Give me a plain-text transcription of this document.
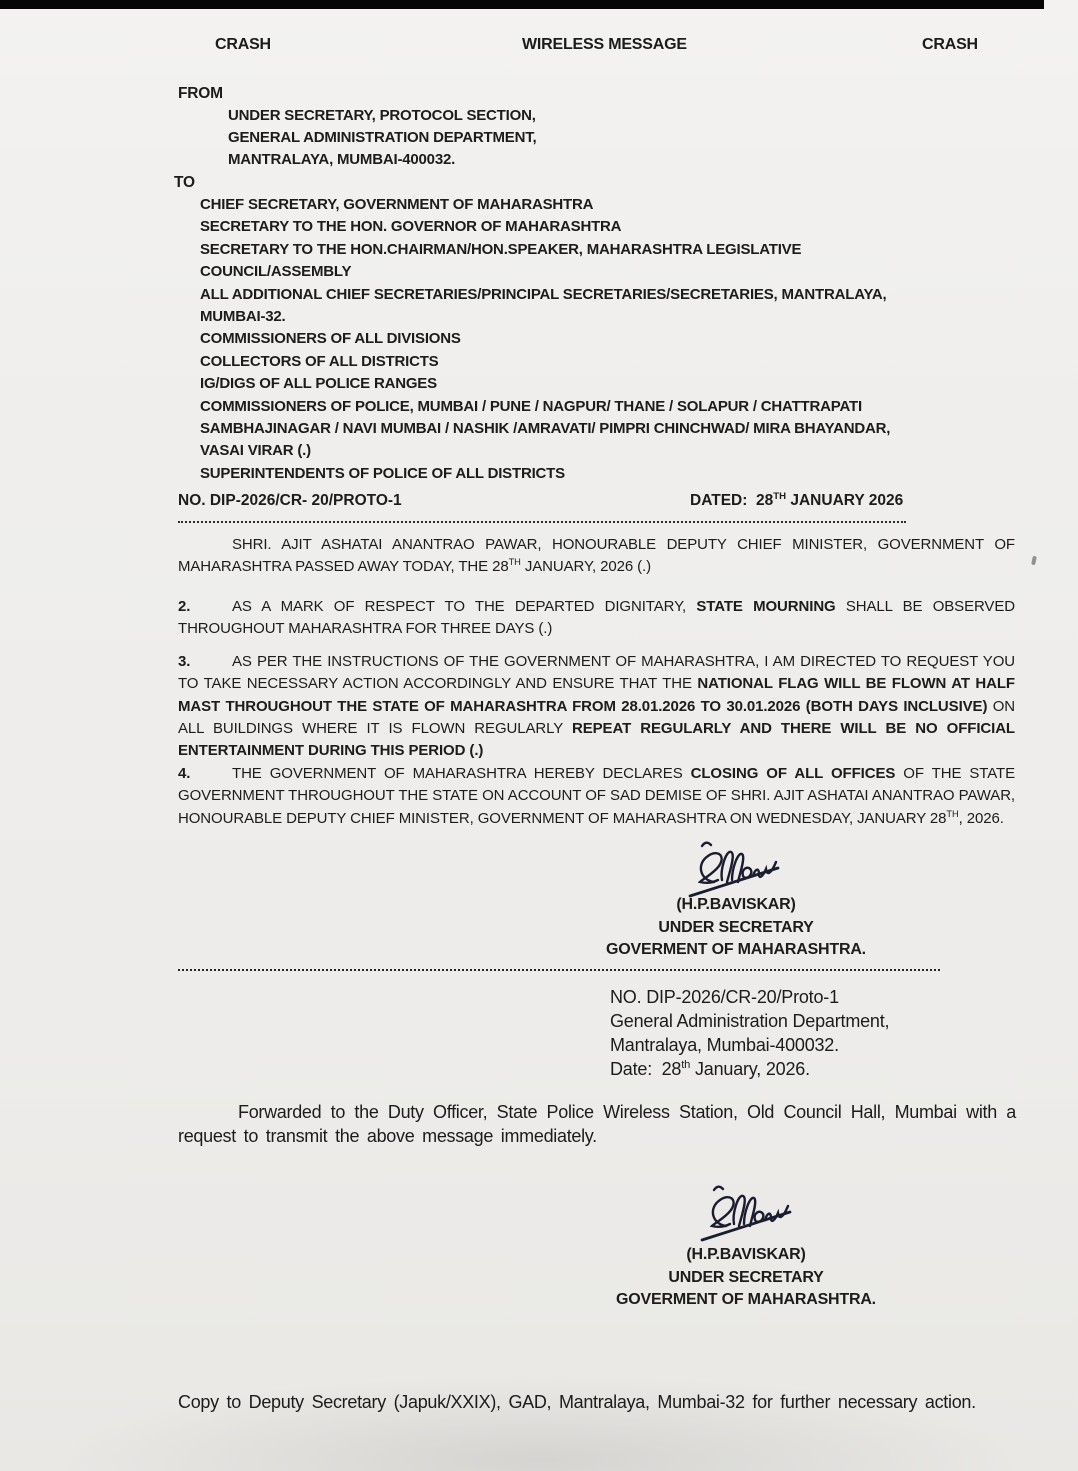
CRASH	WIRELESS MESSAGE	CRASH
FROM
UNDER SECRETARY, PROTOCOL SECTION,
GENERAL ADMINISTRATION DEPARTMENT,
MANTRALAYA, MUMBAI-400032.
TO
CHIEF SECRETARY, GOVERNMENT OF MAHARASHTRA
SECRETARY TO THE HON. GOVERNOR OF MAHARASHTRA
SECRETARY TO THE HON.CHAIRMAN/HON.SPEAKER, MAHARASHTRA LEGISLATIVE COUNCIL/ASSEMBLY
ALL ADDITIONAL CHIEF SECRETARIES/PRINCIPAL SECRETARIES/SECRETARIES, MANTRALAYA, MUMBAI-32.
COMMISSIONERS OF ALL DIVISIONS
COLLECTORS OF ALL DISTRICTS
IG/DIGS OF ALL POLICE RANGES
COMMISSIONERS OF POLICE, MUMBAI / PUNE / NAGPUR/ THANE / SOLAPUR / CHATTRAPATI SAMBHAJINAGAR / NAVI MUMBAI / NASHIK /AMRAVATI/ PIMPRI CHINCHWAD/ MIRA BHAYANDAR, VASAI VIRAR (.)
SUPERINTENDENTS OF POLICE OF ALL DISTRICTS
NO. DIP-2026/CR- 20/PROTO-1	DATED:  28TH JANUARY 2026

SHRI. AJIT ASHATAI ANANTRAO PAWAR, HONOURABLE DEPUTY CHIEF MINISTER, GOVERNMENT OF MAHARASHTRA PASSED AWAY TODAY, THE 28TH JANUARY, 2026 (.)

2.	AS A MARK OF RESPECT TO THE DEPARTED DIGNITARY, STATE MOURNING SHALL BE OBSERVED THROUGHOUT MAHARASHTRA FOR THREE DAYS (.)

3.	AS PER THE INSTRUCTIONS OF THE GOVERNMENT OF MAHARASHTRA, I AM DIRECTED TO REQUEST YOU TO TAKE NECESSARY ACTION ACCORDINGLY AND ENSURE THAT THE NATIONAL FLAG WILL BE FLOWN AT HALF MAST THROUGHOUT THE STATE OF MAHARASHTRA FROM 28.01.2026 TO 30.01.2026 (BOTH DAYS INCLUSIVE) ON ALL BUILDINGS WHERE IT IS FLOWN REGULARLY REPEAT REGULARLY AND THERE WILL BE NO OFFICIAL ENTERTAINMENT DURING THIS PERIOD (.)

4.	THE GOVERNMENT OF MAHARASHTRA HEREBY DECLARES CLOSING OF ALL OFFICES OF THE STATE GOVERNMENT THROUGHOUT THE STATE ON ACCOUNT OF SAD DEMISE OF SHRI. AJIT ASHATAI ANANTRAO PAWAR, HONOURABLE DEPUTY CHIEF MINISTER, GOVERNMENT OF MAHARASHTRA ON WEDNESDAY, JANUARY 28TH, 2026.

(H.P.BAVISKAR)
UNDER SECRETARY
GOVERMENT OF MAHARASHTRA.
NO. DIP-2026/CR-20/Proto-1
General Administration Department,
Mantralaya, Mumbai-400032.
Date:  28th January, 2026.

Forwarded to the Duty Officer, State Police Wireless Station, Old Council Hall, Mumbai with a request to transmit the above message immediately.

(H.P.BAVISKAR)
UNDER SECRETARY
GOVERMENT OF MAHARASHTRA.

Copy to Deputy Secretary (Japuk/XXIX), GAD, Mantralaya, Mumbai-32 for further necessary action.
